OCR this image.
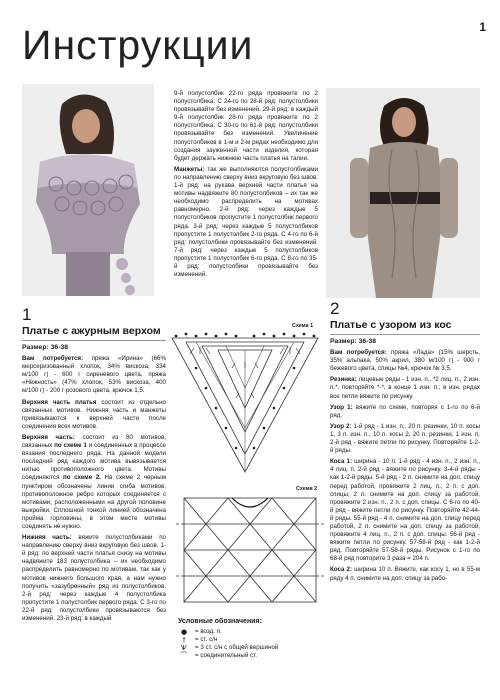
Инструкции	1
1
Платье с ажурным верхом
Размер: 36-38

Вам потребуется: пряжа «Ирина» (66% мерсеризованный хлопок, 34% вискоза, 334 м/100 г) - 600 г сиреневого цвета, пряжа «Нежность» (47% хлопок, 53% вискоза, 400 м/100 г) - 200 г розового цвета, крючок 1,5.

Верхняя часть платья состоит из отдельно связанных мотивов. Нижняя часть и манжеты привязываются к верхней части после соединения всех мотивов.

Верхняя часть: состоит из 80 мотивов, связанных по схеме 1 и соединенных в процессе вязания последнего ряда. На данной модели последний ряд каждого мотива вывязывается нитью противоположного цвета. Мотивы соединяются по схеме 2. На схеме 2 черным пунктиром обозначены линии сгиба мотивов, противоположное ребро которых соединяется с мотивами, расположенными на другой половине выкройки. Сплошной тонкой линией обозначена пройма горловины, в этом месте мотивы соединять не нужно.

Нижняя часть: вяжите полустолбиками по направлению сверху вниз вкруговую без швов. 1-й ряд: по верхней части платья снизу на мотивы надвяжите 183 полустолбика – их необходимо распределить равномерно по мотивам, так как у мотивов нижнего большого края, а нам нужно получить «зазубренный» ряд из полустолбиков. 2-й ряд: через каждые 4 полустолбика пропустите 1 полустолбик первого ряда. С 3-го по 22-й ряд: полустолбики провязываются без изменений. 23-й ряд: в каждый

9-й полустолбик 22-го ряда провяжите по 2 полустолбика. С 24-го по 28-й ряд: полустолбики провязывайте без изменений. 29-й ряд: в каждый 9-й полустолбик 28-го ряда провяжите по 2 полустолбика. С 30-го по 61-й ряд: полустолбики провязывайте без изменений. Увеличение полустолбиков в 1-м и 2-м рядах необходимо для создания зауженной части изделия, которая будет держать нижнюю часть платья на талии.

Манжеты: так же выполняются полустолбиками по направлению сверху вниз вкруговую без швов. 1-й ряд: на рукава верхней части платья на мотивы надвяжите 80 полустолбиков – их так же необходимо распределить на мотивах равномерно. 2-й ряд: через каждые 5 полустолбиков пропустите 1 полустолбик первого ряда. 3-й ряд: через каждые 5 полустолбиков пропустите 1 полустолбик 2-го ряда. С 4-го по 6-й ряд: полустолбики провязывайте без изменений. 7-й ряд: через каждые 5 полустолбиков пропустите 1 полустолбик 6-го ряда. С 8-го по 35-й ряд: полустолбики провязывайте без изменений.

Схема 1
Схема 2
Условные обозначения:
●	= возд. п.
†	= ст. с/н
Ѱ	= 3 ст. с/н с общей вершиной
⁀	= соединительный ст.
2
Платье с узором из кос
Размер: 36-38

Вам потребуется: пряжа «Лада» (15% шерсть, 35% альпака, 50% акрил, 380 м/100 г) - 900 г бежевого цвета, спицы №4, крючок № 3,5.

Резинка: лицевые ряды - 1 изн. п., *2 лиц. п., 2 изн. п.*, повторяйте *-*, в конце 1 изн. п.; в изн. рядах все петли вяжите по рисунку.

Узор 1: вяжите по схеме, повторяя с 1-го по 6-й ряд.

Узор 2: 1-й ряд - 1 изн. п., 20 п. резинки, 10 п. косы 1, 3 п. изн. п., 10 п. косы 2, 20 п. резинки, 1 изн. п. 2-й ряд - вяжите петли по рисунку. Повторяйте 1-2-й ряды.

Коса 1: ширина - 10 п. 1-й ряд - 4 изн. п., 2 изн. п., 4 лиц. п. 2-й ряд - вяжите по рисунку. 3-4-й ряды - как 1-2-й ряды. 5-й ряд - 2 п. снимите на доп. спицу перед работой, провяжите 2 лиц. п., 2 п. с доп. спицы, 2 п. снимите на доп. спицу за работой, провяжите 2 изн. п., 2 п. с доп. спицы. С 6-го по 40-й ряд - вяжите петли по рисунку. Повторяйте 42-44-й ряды. 55-й ряд - 4 п. снимите на доп. спицу перед работой, 2 п. снимите на доп. спицу за работой, провяжите 4 лиц. п., 2 п. с доп. спицы. 56-й ряд - вяжите петли по рисунку. 57-58-й ряд - как 1-2-й ряд. Повторяйте 57-58-й ряды. Рисунок с 1-го по 68-й ряд повторите 3 раза = 204 п.

Коса 2: ширина 10 п. Вяжите, как косу 1, но в 55-м ряду 4 п. снимите на доп. спицу за рабо-
